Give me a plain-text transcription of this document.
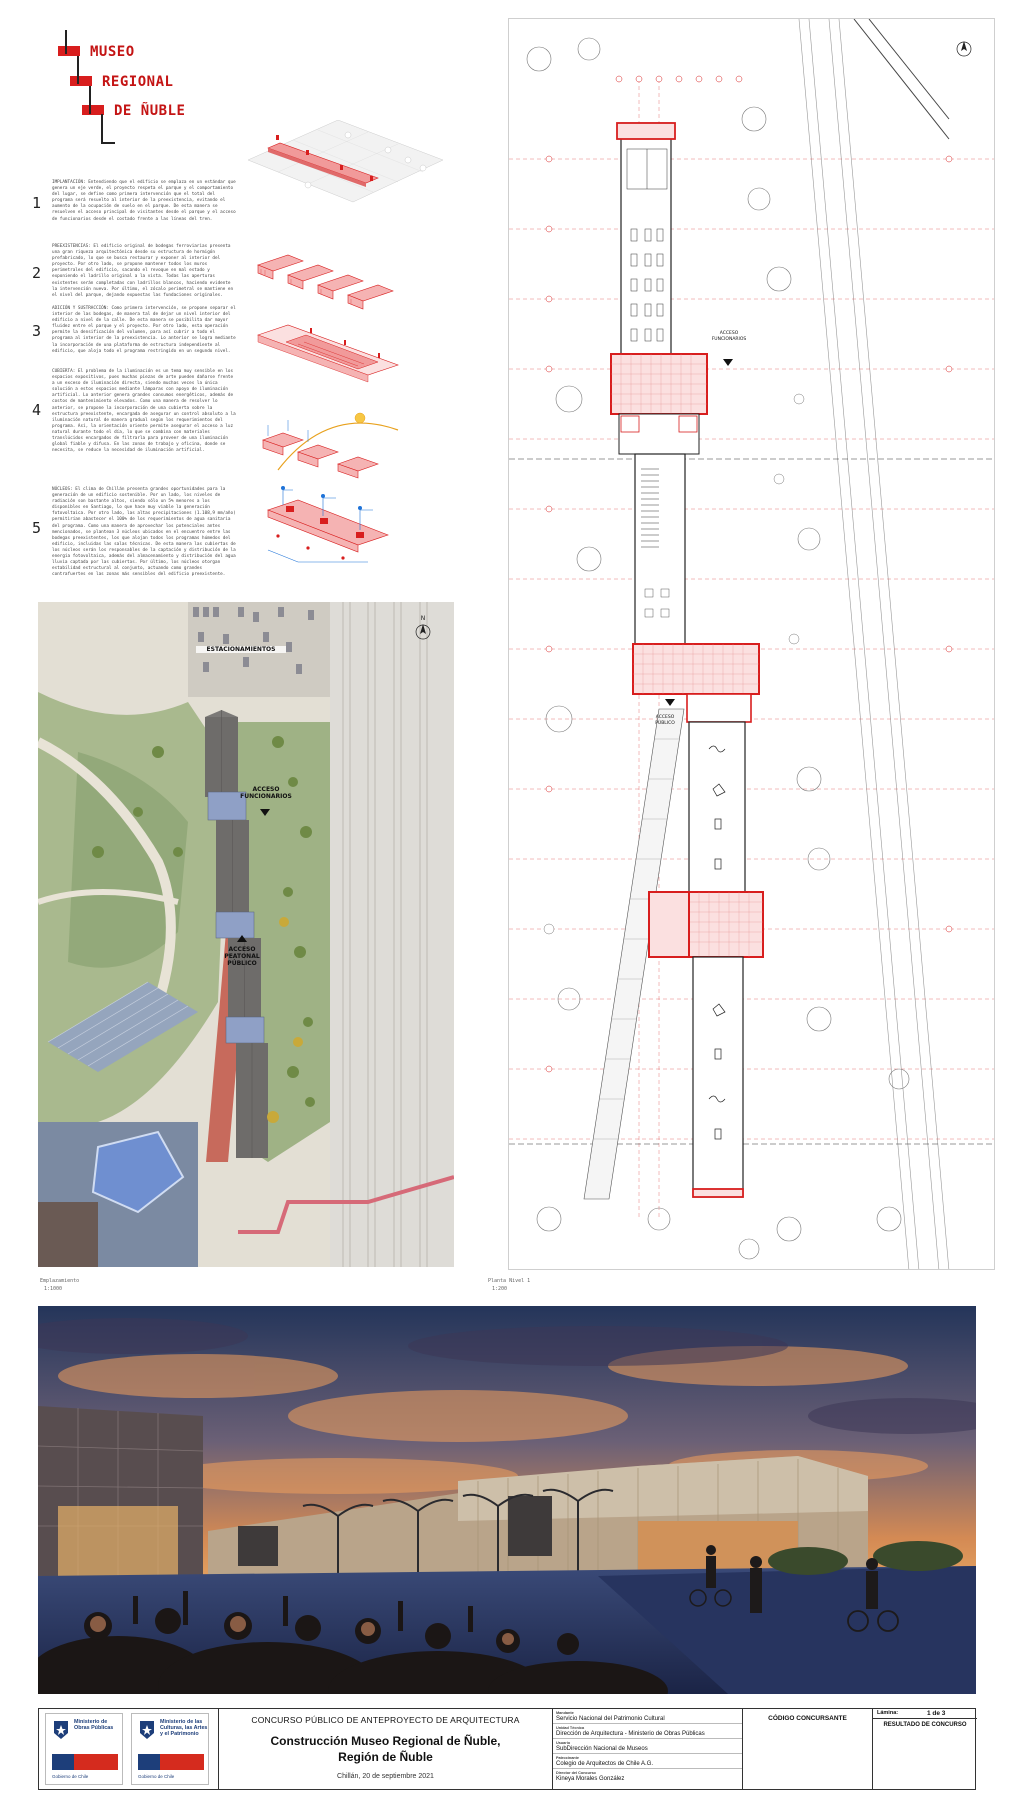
MUSEO
REGIONAL
DE ÑUBLE
1
IMPLANTACIÓN: Entendiendo que el edificio se emplaza en un estándar que genera un eje verde, el proyecto respeta el parque y el comportamiento del lugar, se define como primera intervención que el total del programa será resuelto al interior de la preexistencia, evitando el aumento de la ocupación de suelo en el parque. De esta manera se resuelven el acceso principal de visitantes desde el parque y el acceso de funcionarios desde el costado frente a las líneas del tren.
2
PREEXISTENCIAS: El edificio original de bodegas ferroviarias presenta una gran riqueza arquitectónica desde su estructura de hormigón prefabricado, lo que se busca restaurar y exponer al interior del proyecto. Por otro lado, se propone mantener todos los muros perimetrales del edificio, sacando el revoque en mal estado y exponiendo el ladrillo original a la vista. Todas las aperturas existentes serán completadas con ladrillos blancos, haciendo evidente la intervención nueva. Por último, el zócalo perimetral se mantiene en el nivel del parque, dejando expuestas las fundaciones originales.
3
ADICIÓN Y SUSTRACCIÓN: Como primera intervención, se propone separar el interior de las bodegas, de manera tal de dejar un nivel interior del edificio a nivel de la calle. De esta manera se posibilita dar mayor fluidez entre el parque y el proyecto. Por otro lado, esta operación permite la densificación del volumen, para así cubrir a todo el programa al interior de la preexistencia. Lo anterior se logra mediante la incorporación de una plataforma de estructura independiente al edificio, que aloja todo el programa restringido en un segundo nivel.
4
CUBIERTA: El problema de la iluminación es un tema muy sensible en los espacios expositivos, pues muchas piezas de arte pueden dañarse frente a un exceso de iluminación directa, siendo muchas veces la única solución a estos espacios mediante lámparas con apoyo de iluminación artificial. Lo anterior genera grandes consumos energéticos, además de costos de mantenimiento elevados. Como una manera de resolver lo anterior, se propone la incorporación de una cubierta sobre la estructura preexistente, encargada de asegurar un control absoluto a la iluminación natural de manera gradual según los requerimientos del programa. Así, la orientación oriente permite asegurar el acceso a luz natural durante todo el día, lo que se combina con materiales translúcidos encargados de filtrarla para proveer de una iluminación global fiable y difusa. En las zonas de trabajo y oficina, donde se necesita, se reduce la necesidad de iluminación artificial.
5
NÚCLEOS: El clima de Chillán presenta grandes oportunidades para la generación de un edificio sostenible. Por un lado, los niveles de radiación son bastante altos, siendo sólo un 5% menores a los disponibles en Santiago, lo que hace muy viable la generación fotovoltaica. Por otro lado, las altas precipitaciones (1.108,9 mm/año) permitirían abastecer el 100% de los requerimientos de agua sanitaria del programa. Como una manera de aprovechar los potenciales antes mencionados, se plantean 3 núcleos ubicados en el encuentro entre las bodegas preexistentes, los que alojan todos los programas húmedos del edificio, incluidas las salas técnicas. De esta manera las cubiertas de los núcleos serán los responsables de la captación y distribución de la energía fotovoltaica, además del almacenamiento y distribución del agua lluvia captada por las cubiertas. Por último, los núcleos otorgan estabilidad estructural al conjunto, actuando como grandes contrafuertes en las zonas más sensibles del edificio preexistente.
N
ESTACIONAMIENTOS
ACCESO
FUNCIONARIOS
ACCESO
PEATONAL
PÚBLICO
Emplazamiento
1:1000
ACCESO
FUNCIONARIOS
ACCESO
PÚBLICO
Planta Nivel 1
1:200
Ministerio de Obras Públicas
Gobierno de Chile
Ministerio de las Culturas, las Artes y el Patrimonio
Gobierno de Chile
CONCURSO PÚBLICO DE ANTEPROYECTO DE ARQUITECTURA
Construcción Museo Regional de Ñuble,
Región de Ñuble
Chillán, 20 de septiembre 2021
Mandante
Servicio Nacional del Patrimonio Cultural
Unidad Técnica
Dirección de Arquitectura - Ministerio de Obras Públicas
Usuario
SubDirección Nacional de Museos
Patrocinante
Colegio de Arquitectos de Chile A.G.
Director del Concurso
Kineya Morales González
CÓDIGO CONCURSANTE
Lámina:	1 de 3
RESULTADO DE CONCURSO
